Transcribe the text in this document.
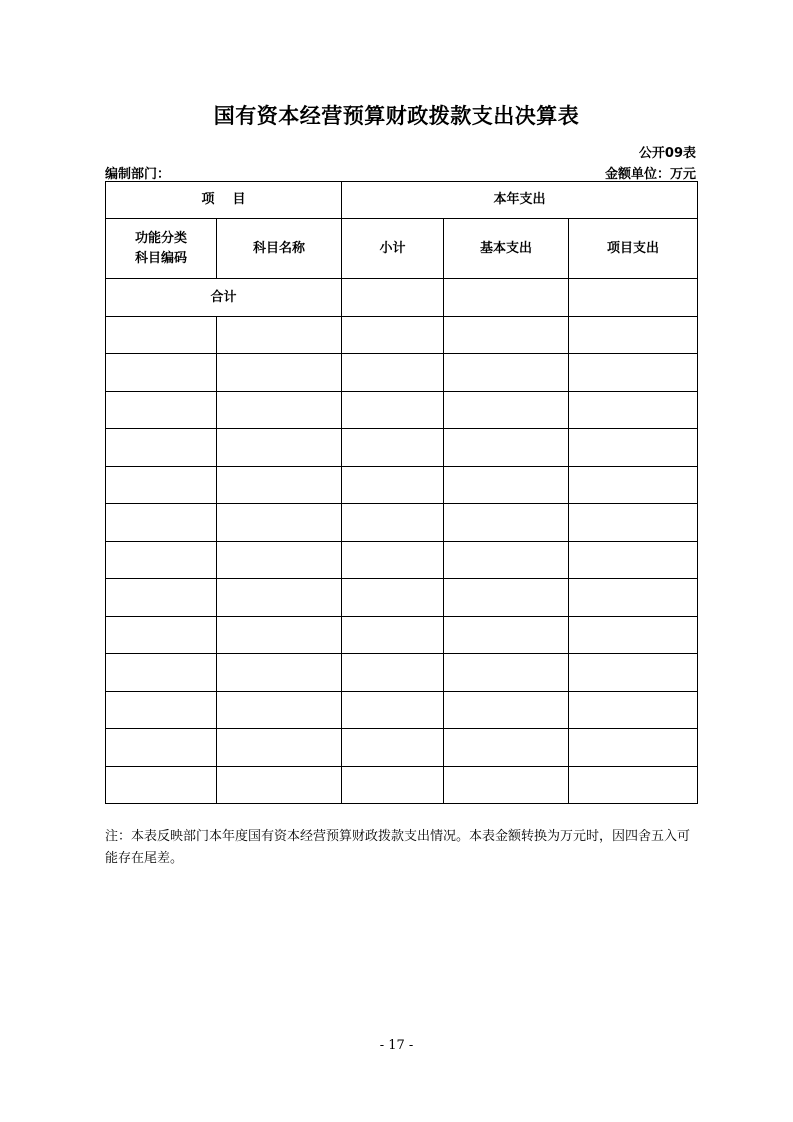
国有资本经营预算财政拨款支出决算表
公开09表
编制部门：	金额单位：万元
项    目		本年支出		

功能分类
科目编码	科目名称	小计	基本支出	项目支出
合计				

注：本表反映部门本年度国有资本经营预算财政拨款支出情况。本表金额转换为万元时，因四舍五入可能存在尾差。
- 17 -
